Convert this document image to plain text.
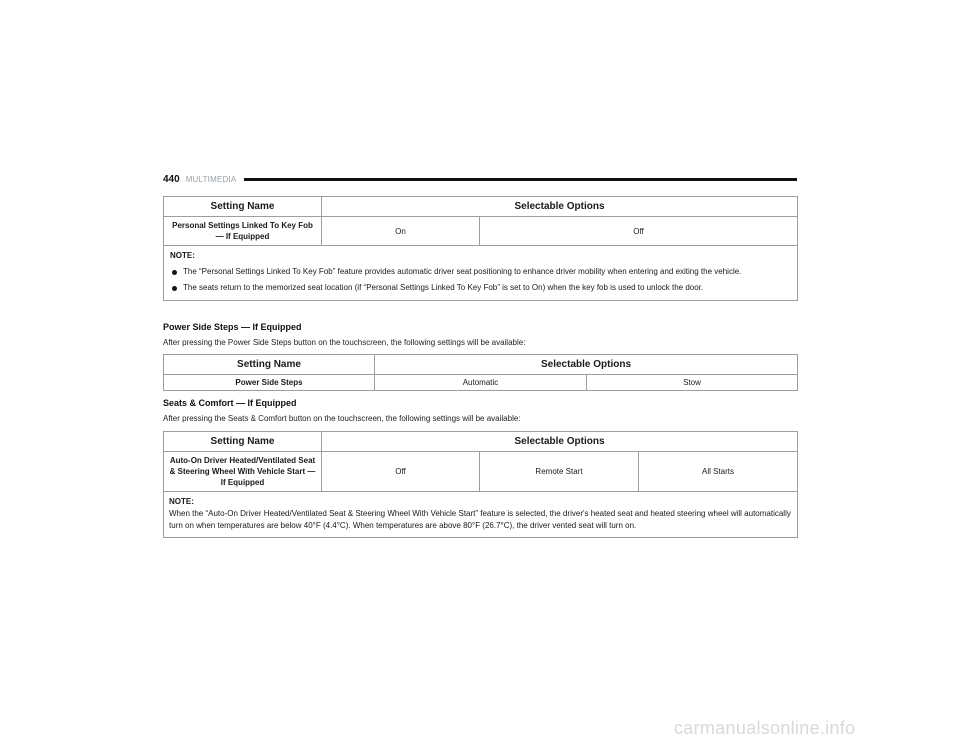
440 MULTIMEDIA
Setting Name	Selectable Options	
Personal Settings Linked To Key Fob — If Equipped	On	Off

NOTE:
The “Personal Settings Linked To Key Fob” feature provides automatic driver seat positioning to enhance driver mobility when entering and exiting the vehicle.
The seats return to the memorized seat location (if “Personal Settings Linked To Key Fob” is set to On) when the key fob is used to unlock the door.		
Power Side Steps — If Equipped
After pressing the Power Side Steps button on the touchscreen, the following settings will be available:
Setting Name	Selectable Options	
Power Side Steps	Automatic	Stow
Seats & Comfort — If Equipped
After pressing the Seats & Comfort button on the touchscreen, the following settings will be available:
Setting Name	Selectable Options		
Auto-On Driver Heated/Ventilated Seat & Steering Wheel With Vehicle Start — If Equipped	Off	Remote Start	All Starts

NOTE:
When the “Auto-On Driver Heated/Ventilated Seat & Steering Wheel With Vehicle Start” feature is selected, the driver's heated seat and heated steering wheel will automatically turn on when temperatures are below 40°F (4.4°C). When temperatures are above 80°F (26.7°C), the driver vented seat will turn on.			
carmanualsonline.info
